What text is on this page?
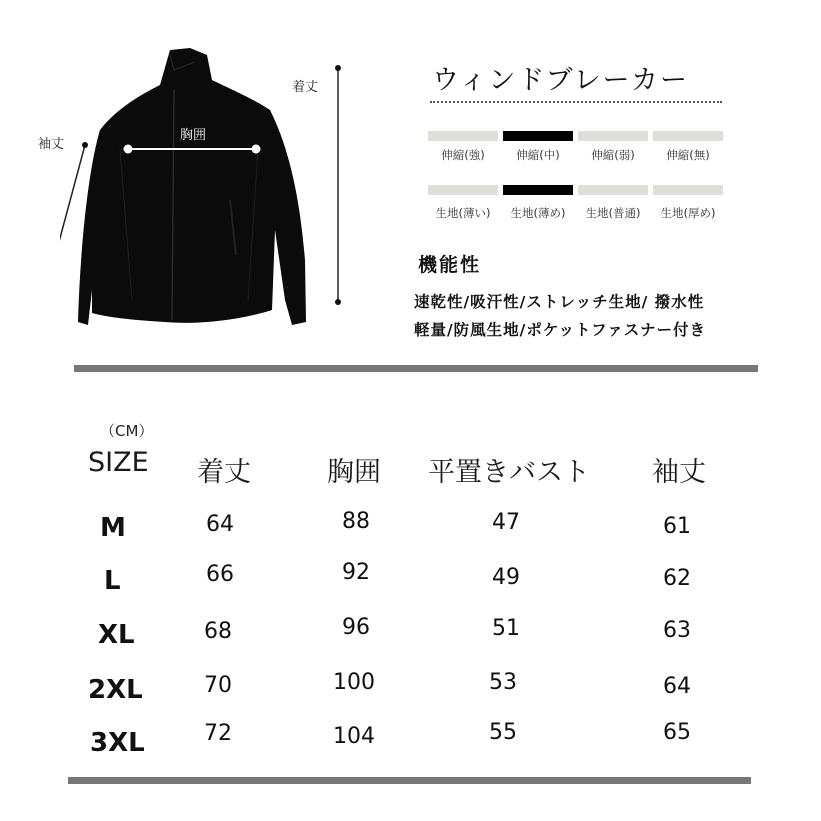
着丈
胸囲
袖丈
ウィンドブレーカー
伸縮(強)	伸縮(中)	伸縮(弱)	伸縮(無)
生地(薄い)	生地(薄め)	生地(普通)	生地(厚め)
機能性
速乾性/吸汗性/ストレッチ生地/ 撥水性
軽量/防風生地/ポケットファスナー付き
（CM）
SIZE 着丈	胸囲 平置きバスト 袖丈
M	64	88	47	61
L	66	92	49	62
XL	68	96	51	63
2XL	70	100	53	64
3XL	72	104	55	65
